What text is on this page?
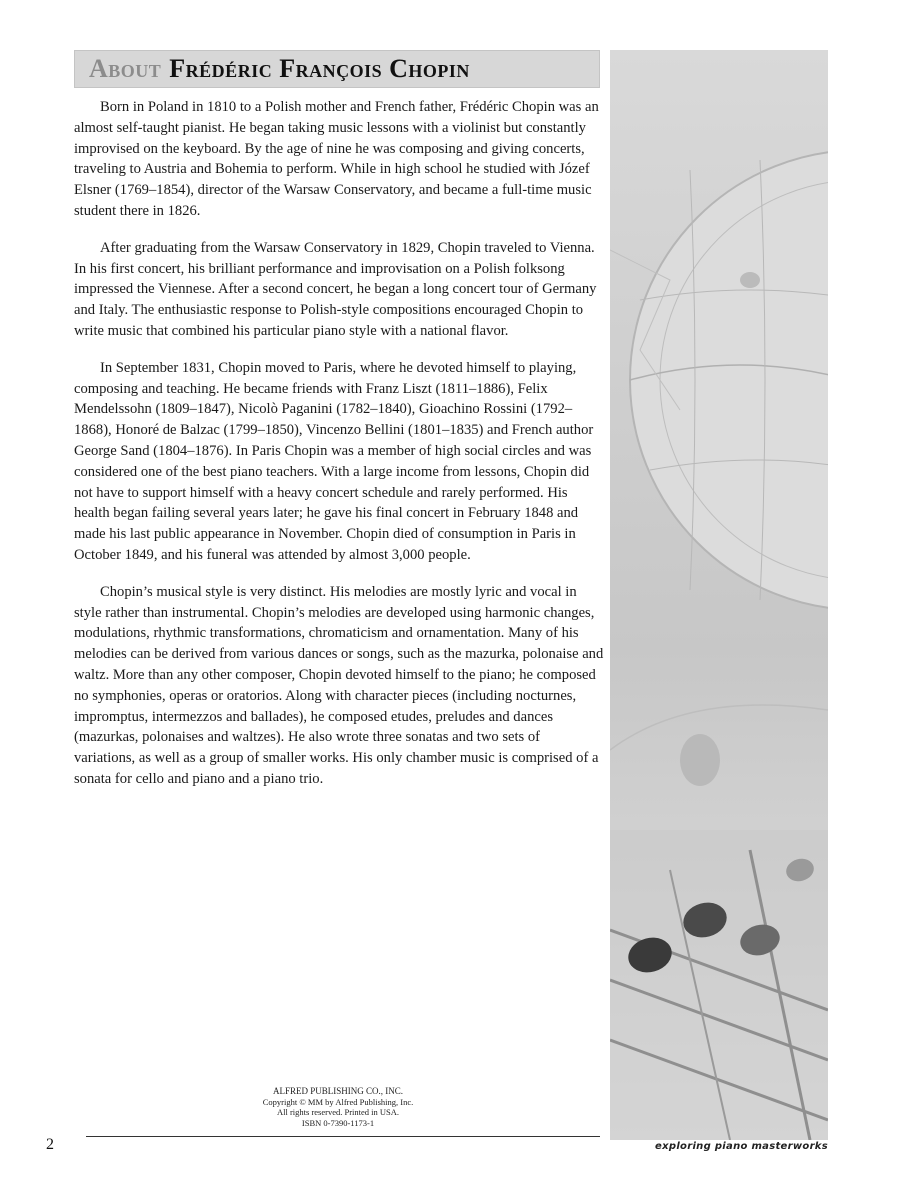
About Frédéric François Chopin

Born in Poland in 1810 to a Polish mother and French father, Frédéric Chopin was an almost self-taught pianist. He began taking music lessons with a violinist but constantly improvised on the keyboard. By the age of nine he was composing and giving concerts, traveling to Austria and Bohemia to perform. While in high school he studied with Józef Elsner (1769–1854), director of the Warsaw Conservatory, and became a full-time music student there in 1826.

After graduating from the Warsaw Conservatory in 1829, Chopin traveled to Vienna. In his first concert, his brilliant performance and improvisation on a Polish folksong impressed the Viennese. After a second concert, he began a long concert tour of Germany and Italy. The enthusiastic response to Polish-style compositions encouraged Chopin to write music that combined his particular piano style with a national flavor.

In September 1831, Chopin moved to Paris, where he devoted himself to playing, composing and teaching. He became friends with Franz Liszt (1811–1886), Felix Mendelssohn (1809–1847), Nicolò Paganini (1782–1840), Gioachino Rossini (1792–1868), Honoré de Balzac (1799–1850), Vincenzo Bellini (1801–1835) and French author George Sand (1804–1876). In Paris Chopin was a member of high social circles and was considered one of the best piano teachers. With a large income from lessons, Chopin did not have to support himself with a heavy concert schedule and rarely performed. His health began failing several years later; he gave his final concert in February 1848 and made his last public appearance in November. Chopin died of consumption in Paris in October 1849, and his funeral was attended by almost 3,000 people.

Chopin’s musical style is very distinct. His melodies are mostly lyric and vocal in style rather than instrumental. Chopin’s melodies are developed using harmonic changes, modulations, rhythmic transformations, chromaticism and ornamentation. Many of his melodies can be derived from various dances or songs, such as the mazurka, polonaise and waltz. More than any other composer, Chopin devoted himself to the piano; he composed no symphonies, operas or oratorios. Along with character pieces (including nocturnes, impromptus, intermezzos and ballades), he composed etudes, preludes and dances (mazurkas, polonaises and waltzes). He also wrote three sonatas and two sets of variations, as well as a group of smaller works. His only chamber music is comprised of a sonata for cello and piano and a piano trio.

ALFRED PUBLISHING CO., INC.
Copyright © MM by Alfred Publishing, Inc.
All rights reserved. Printed in USA.
ISBN 0-7390-1173-1
2	exploring piano masterworks
